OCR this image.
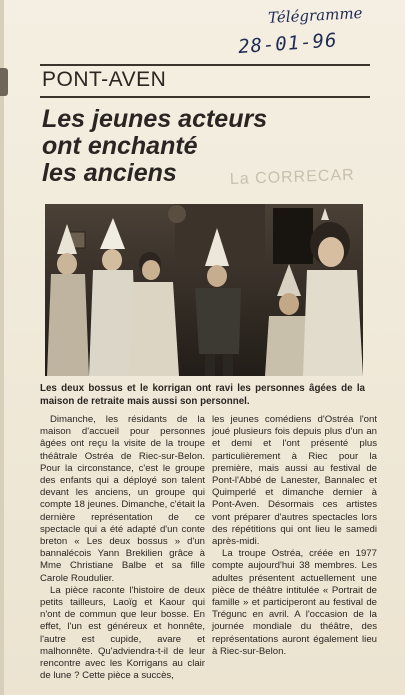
Télégramme
28-01-96
PONT-AVEN
Les jeunes acteurs
ont enchanté
les anciens	La CORRECAR
Les deux bossus et le korrigan ont ravi les personnes âgées de la maison de retraite mais aussi son personnel.

Dimanche, les résidants de la maison d'accueil pour personnes âgées ont reçu la visite de la troupe théâtrale Ostréa de Riec-sur-Belon. Pour la circonstance, c'est le groupe des enfants qui a déployé son talent devant les anciens, un groupe qui compte 18 jeunes. Dimanche, c'était la dernière représentation de ce spectacle qui a été adapté d'un conte breton « Les deux bossus » d'un bannalécois Yann Brekilien grâce à Mme Christiane Balbe et sa fille Carole Roudulier.

La pièce raconte l'histoire de deux petits tailleurs, Laoïg et Kaour qui n'ont de commun que leur bosse. En effet, l'un est généreux et honnête, l'autre est cupide, avare et malhonnête. Qu'adviendra-t-il de leur rencontre avec les Korrigans au clair de lune ? Cette pièce a succès,

les jeunes comédiens d'Ostréa l'ont joué plusieurs fois depuis plus d'un an et demi et l'ont présenté plus particulièrement à Riec pour la première, mais aussi au festival de Pont-l'Abbé de Lanester, Bannalec et Quimperlé et dimanche dernier à Pont-Aven. Désormais ces artistes vont préparer d'autres spectacles lors des répétitions qui ont lieu le samedi après-midi.

La troupe Ostréa, créée en 1977 compte aujourd'hui 38 membres. Les adultes présentent actuellement une pièce de théâtre intitulée « Portrait de famille » et participeront au festival de Trégunc en avril. A l'occasion de la journée mondiale du théâtre, des représentations auront également lieu à Riec-sur-Belon.
